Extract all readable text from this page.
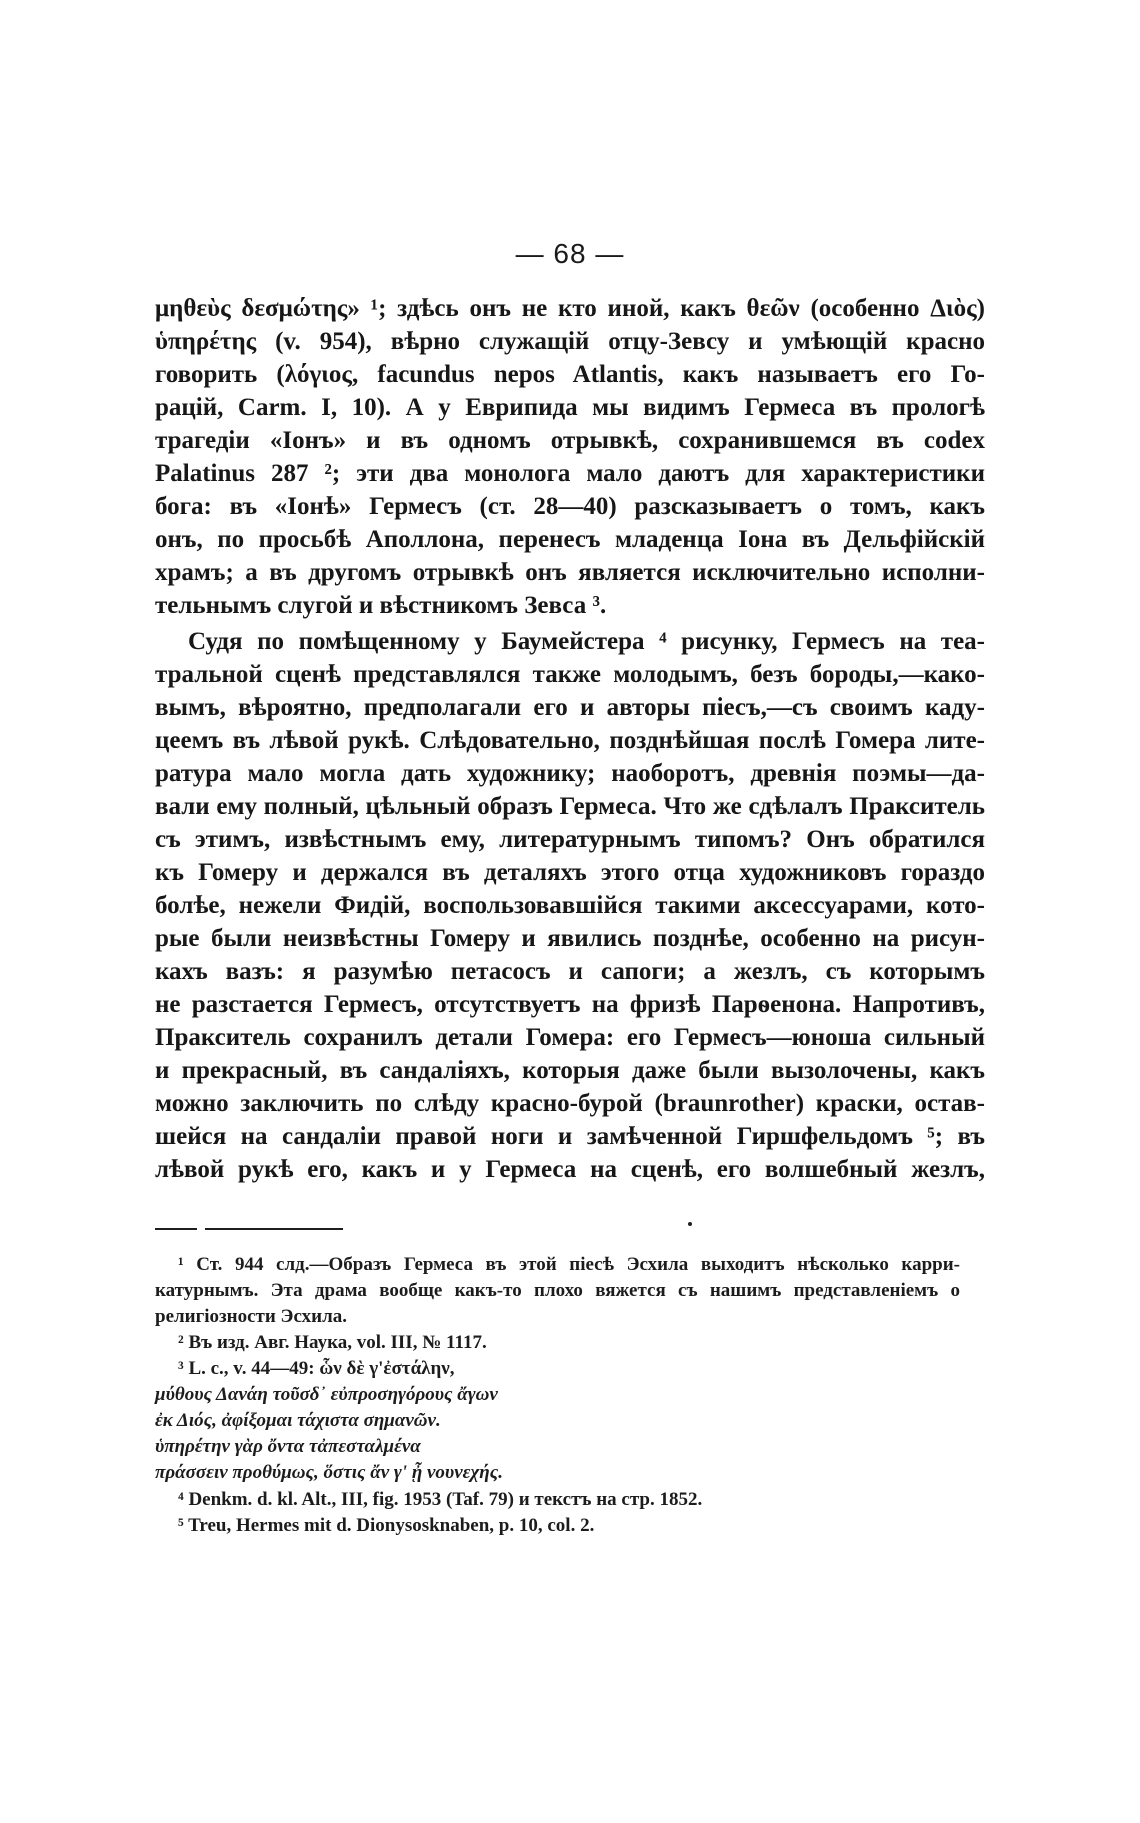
— 68 —
μηθεὺς δεσμώτης» ¹; здѣсь онъ не кто иной, какъ θεῶν (особенно Διὸς)
ὑπηρέτης (v. 954), вѣрно служащій отцу-Зевсу и умѣющій красно
говорить (λόγιος, facundus nepos Atlantis, какъ называетъ его Го-
рацій, Carm. I, 10). А у Еврипида мы видимъ Гермеса въ прологѣ
трагедіи «Іонъ» и въ одномъ отрывкѣ, сохранившемся въ codex
Palatinus 287 ²; эти два монолога мало даютъ для характеристики
бога: въ «Іонѣ» Гермесъ (ст. 28—40) разсказываетъ о томъ, какъ
онъ, по просьбѣ Аполлона, перенесъ младенца Іона въ Дельфійскій
храмъ; а въ другомъ отрывкѣ онъ является исключительно исполни-
тельнымъ слугой и вѣстникомъ Зевса ³.
Судя по помѣщенному у Баумейстера ⁴ рисунку, Гермесъ на теа-
тральной сценѣ представлялся также молодымъ, безъ бороды,—како-
вымъ, вѣроятно, предполагали его и авторы піесъ,—съ своимъ каду-
цеемъ въ лѣвой рукѣ. Слѣдовательно, позднѣйшая послѣ Гомера лите-
ратура мало могла дать художнику; наоборотъ, древнія поэмы—да-
вали ему полный, цѣльный образъ Гермеса. Что же сдѣлалъ Пракситель
съ этимъ, извѣстнымъ ему, литературнымъ типомъ? Онъ обратился
къ Гомеру и держался въ деталяхъ этого отца художниковъ гораздо
болѣе, нежели Фидій, воспользовавшійся такими аксессуарами, кото-
рые были неизвѣстны Гомеру и явились позднѣе, особенно на рисун-
кахъ вазъ: я разумѣю петасосъ и сапоги; а жезлъ, съ которымъ
не разстается Гермесъ, отсутствуетъ на фризѣ Парѳенона. Напротивъ,
Пракситель сохранилъ детали Гомера: его Гермесъ—юноша сильный
и прекрасный, въ сандаліяхъ, которыя даже были вызолочены, какъ
можно заключить по слѣду красно-бурой (braunrother) краски, остав-
шейся на сандаліи правой ноги и замѣченной Гиршфельдомъ ⁵; въ
лѣвой рукѣ его, какъ и у Гермеса на сценѣ, его волшебный жезлъ,
¹ Ст. 944 слд.—Образъ Гермеса въ этой піесѣ Эсхила выходитъ нѣсколько карри-
катурнымъ. Эта драма вообще какъ-то плохо вяжется съ нашимъ представленіемъ о
религіозности Эсхила.
² Въ изд. Авг. Наука, vol. III, № 1117.
³ L. c., v. 44—49: ὧν δὲ γ'ἐστάλην,
μύθους Δανάη τοῦσδ᾽ εὐπροσηγόρους ἄγων
ἐκ Διός, ἀφίξομαι τάχιστα σημανῶν.
ὑπηρέτην γὰρ ὄντα τἀπεσταλμένα
πράσσειν προθύμως, ὅστις ἄν γ' ᾖ νουνεχής.
⁴ Denkm. d. kl. Alt., III, fig. 1953 (Taf. 79) и текстъ на стр. 1852.
⁵ Treu, Hermes mit d. Dionysosknaben, p. 10, col. 2.
